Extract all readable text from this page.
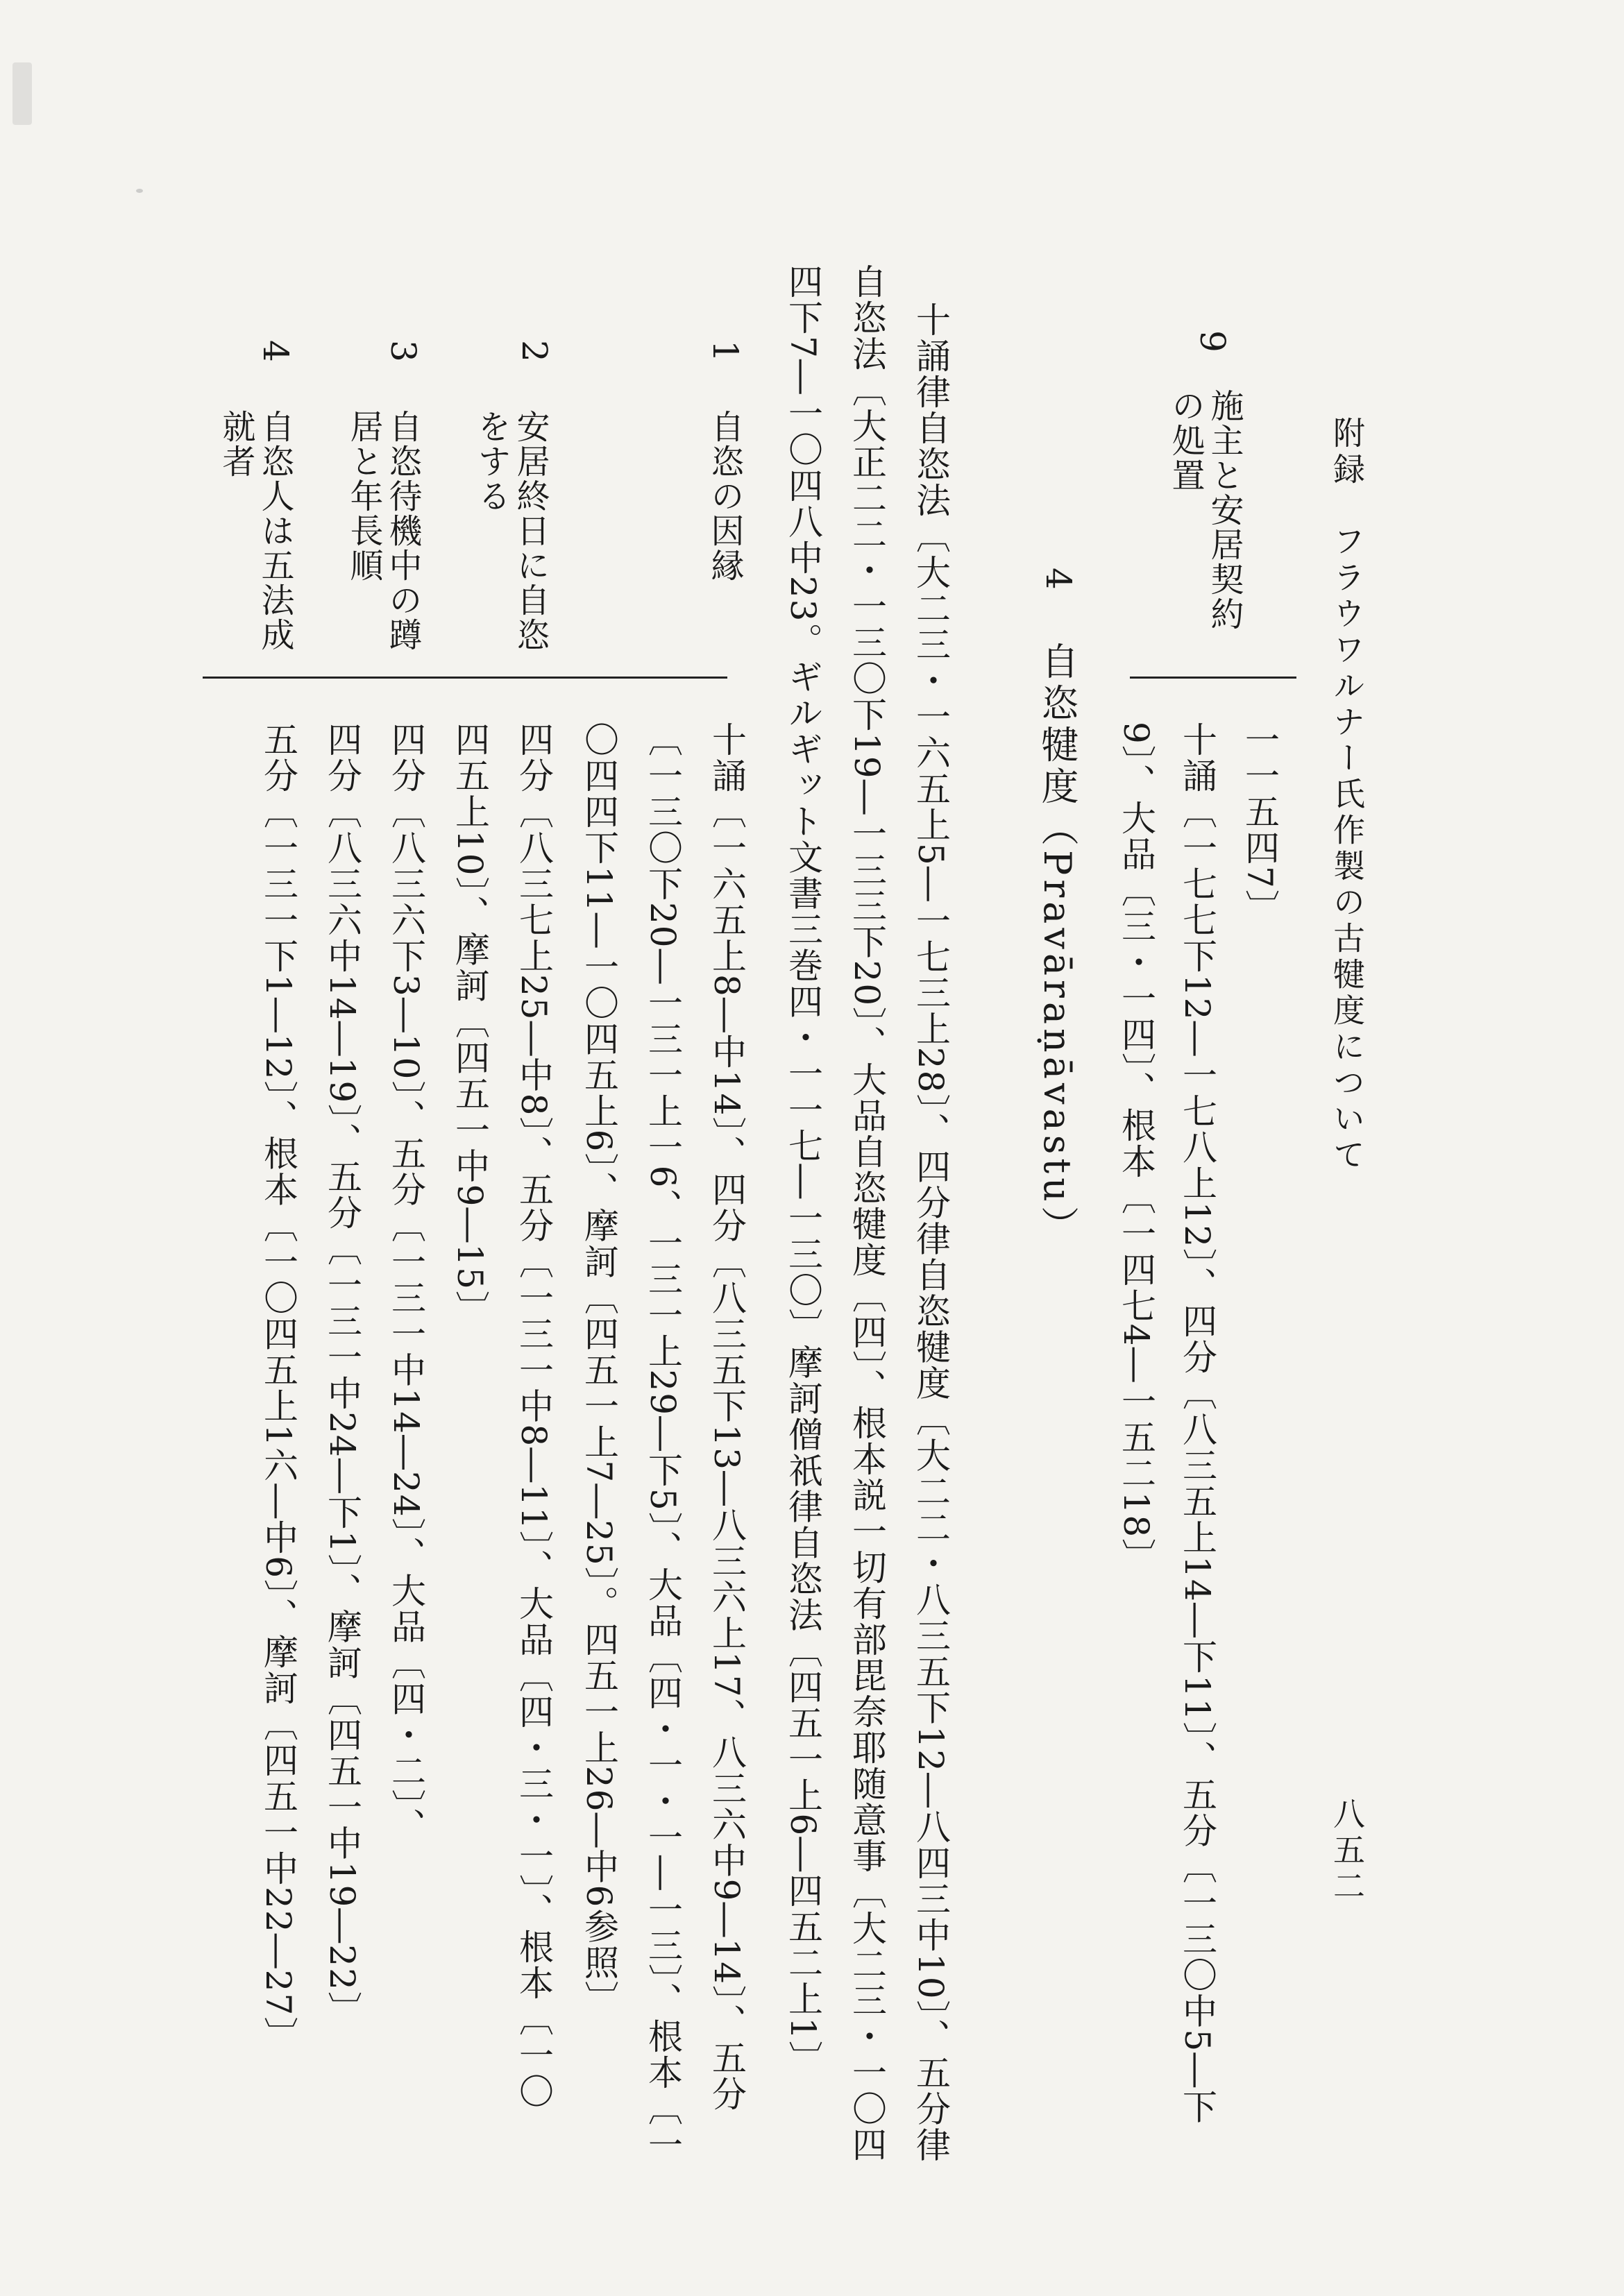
附録　フラウワルナー氏作製の古犍度について
八五二
9
施主と安居契約
の処置
一一五四7〕
十誦〔一七七下12―一七八上12〕、四分〔八三五上14―下11〕、五分〔一三〇中5―下
9〕、大品〔三・一四〕、根本〔一四七4―一五二18〕
4
自恣犍度（Pravāraṇāvastu）
十誦律自恣法〔大二三・一六五上5―一七三上28〕、四分律自恣犍度〔大二二・八三五下12―八四三中10〕、五分律
自恣法〔大正二二・一三〇下19―一三三下20〕、大品自恣犍度〔四〕、根本説一切有部毘奈耶随意事〔大二三・一〇四
四下7―一〇四八中23。ギルギット文書三巻四・一一七―一三〇〕摩訶僧祇律自恣法〔四五一上6―四五二上1〕
1
自恣の因縁
十誦〔一六五上8―中14〕、四分〔八三五下13―八三六上17、八三六中9―14〕、五分
〔一三〇下20―一三一上一6、一三一上29―下5〕、大品〔四・一・一―一三〕、根本〔一
〇四四下11―一〇四五上6〕、摩訶〔四五一上7―25〕。四五一上26―中6参照〕
2
安居終日に自恣
をする
四分〔八三七上25―中8〕、五分〔一三一中8―11〕、大品〔四・三・一〕、根本〔一〇
四五上10〕、摩訶〔四五一中9―15〕
3
自恣待機中の蹲
居と年長順
四分〔八三六下3―10〕、五分〔一三一中14―24〕、大品〔四・二〕、
四分〔八三六中14―19〕、五分〔一三一中24―下1〕、摩訶〔四五一中19―22〕
4
自恣人は五法成
就者
五分〔一三一下1―12〕、根本〔一〇四五上1六―中6〕、摩訶〔四五一中22―27〕
